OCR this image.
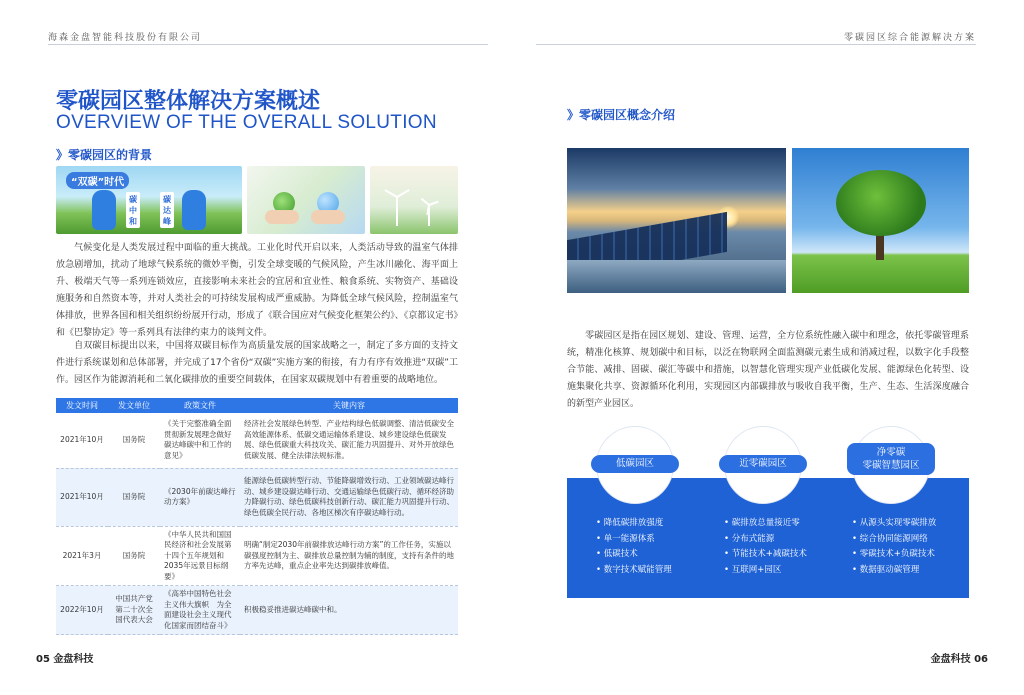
海森金盘智能科技股份有限公司	零碳园区综合能源解决方案
零碳园区整体解决方案概述
OVERVIEW OF THE OVERALL SOLUTION
》零碳园区的背景
“双碳”时代
碳中和
碳达峰
气候变化是人类发展过程中面临的重大挑战。工业化时代开启以来，人类活动导致的温室气体排放急剧增加，扰动了地球气候系统的微妙平衡，引发全球变暖的气候风险，产生冰川融化、海平面上升、极端天气等一系列连锁效应，直接影响未来社会的宜居和宜业性、粮食系统、实物资产、基础设施服务和自然资本等，并对人类社会的可持续发展构成严重威胁。为降低全球气候风险，控制温室气体排放，世界各国和相关组织纷纷展开行动，形成了《联合国应对气候变化框架公约》、《京都议定书》和《巴黎协定》等一系列具有法律约束力的谈判文件。
自双碳目标提出以来，中国将双碳目标作为高质量发展的国家战略之一，制定了多方面的支持文件进行系统谋划和总体部署，并完成了17个省份“双碳”实施方案的衔接，有力有序有效推进“双碳”工作。园区作为能源消耗和二氧化碳排放的重要空间载体，在国家双碳规划中有着重要的战略地位。
发文时间	发文单位	政策文件	关键内容
2021年10月	国务院	《关于完整准确全面贯彻新发展理念做好碳达峰碳中和工作的意见》	经济社会发展绿色转型、产业结构绿色低碳调整、清洁低碳安全高效能源体系、低碳交通运输体系建设、城乡建设绿色低碳发展、绿色低碳重大科技攻关、碳汇能力巩固提升、对外开放绿色低碳发展、健全法律法规标准。
2021年10月	国务院	《2030年前碳达峰行动方案》	能源绿色低碳转型行动、节能降碳增效行动、工业领域碳达峰行动、城乡建设碳达峰行动、交通运输绿色低碳行动、循环经济助力降碳行动、绿色低碳科技创新行动、碳汇能力巩固提升行动、绿色低碳全民行动、各地区梯次有序碳达峰行动。
2021年3月	国务院	《中华人民共和国国民经济和社会发展第十四个五年规划和2035年远景目标纲要》	明确“制定2030年前碳排放达峰行动方案”的工作任务，实施以碳强度控制为主、碳排放总量控制为辅的制度，支持有条件的地方率先达峰，重点企业率先达到碳排放峰值。
2022年10月	中国共产党第二十次全国代表大会	《高举中国特色社会主义伟大旗帜　为全面建设社会主义现代化国家而团结奋斗》	积极稳妥推进碳达峰碳中和。
05 金盘科技
》零碳园区概念介绍
零碳园区是指在园区规划、建设、管理、运营，全方位系统性融入碳中和理念，依托零碳管理系统，精准化核算、规划碳中和目标，以泛在物联网全面监测碳元素生成和消减过程，以数字化手段整合节能、减排、固碳、碳汇等碳中和措施，以智慧化管理实现产业低碳化发展、能源绿色化转型、设施集聚化共享、资源循环化利用，实现园区内部碳排放与吸收自我平衡，生产、生态、生活深度融合的新型产业园区。
低碳园区	近零碳园区
净零碳
零碳智慧园区
• 降低碳排放强度
• 单一能源体系
• 低碳技术
• 数字技术赋能管理
• 碳排放总量接近零
• 分布式能源
• 节能技术+减碳技术
• 互联网+园区
• 从源头实现零碳排放
• 综合协同能源网络
• 零碳技术+负碳技术
• 数据驱动碳管理
金盘科技 06
